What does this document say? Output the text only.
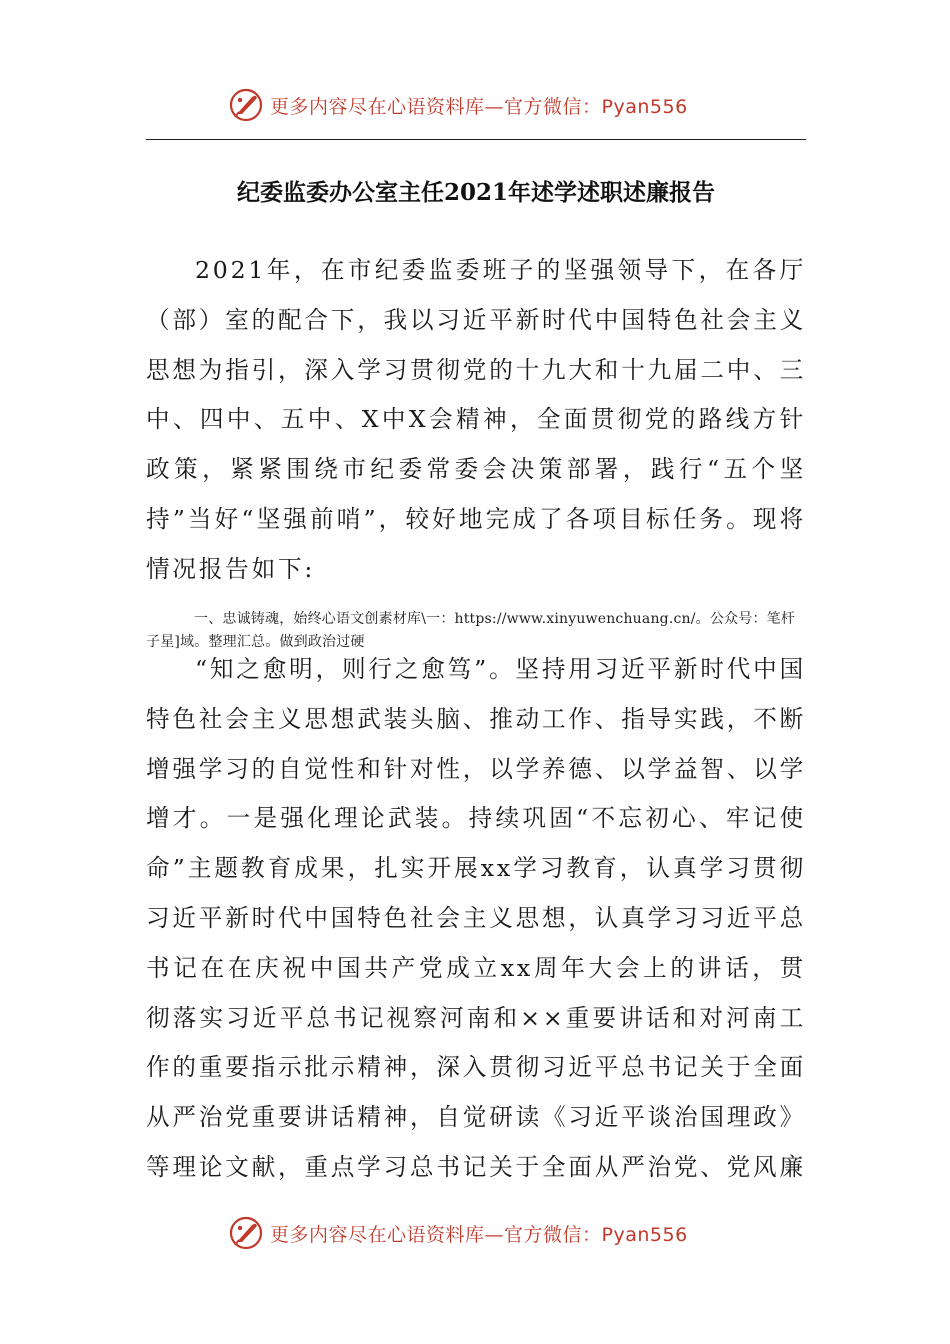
更多内容尽在心语资料库—官方微信：Pyan556
纪委监委办公室主任2021年述学述职述廉报告

2021年，在市纪委监委班子的坚强领导下，在各厅（部）室的配合下，我以习近平新时代中国特色社会主义思想为指引，深入学习贯彻党的十九大和十九届二中、三中、四中、五中、X中X会精神，全面贯彻党的路线方针政策，紧紧围绕市纪委常委会决策部署，践行“五个坚持”当好“坚强前哨”，较好地完成了各项目标任务。现将情况报告如下:

一、忠诚铸魂，始终心语文创素材库\一：https://www.xinyuwenchuang.cn/。公众号：笔杆子星]域。整理汇总。做到政治过硬

“知之愈明，则行之愈笃”。坚持用习近平新时代中国特色社会主义思想武装头脑、推动工作、指导实践，不断增强学习的自觉性和针对性，以学养德、以学益智、以学增才。一是强化理论武装。持续巩固“不忘初心、牢记使命”主题教育成果，扎实开展xx学习教育，认真学习贯彻习近平新时代中国特色社会主义思想，认真学习习近平总书记在在庆祝中国共产党成立xx周年大会上的讲话，贯彻落实习近平总书记视察河南和××重要讲话和对河南工作的重要指示批示精神，深入贯彻习近平总书记关于全面从严治党重要讲话精神，自觉研读《习近平谈治国理政》等理论文献，重点学习总书记关于全面从严治党、党风廉

更多内容尽在心语资料库—官方微信：Pyan556
